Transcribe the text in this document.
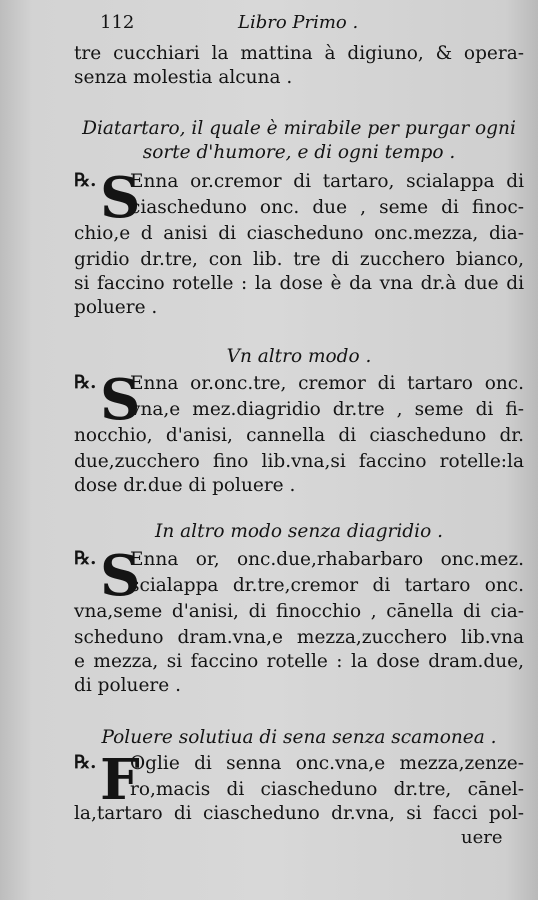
112	Libro Primo .
tre cucchiari la mattina à digiuno, & opera-
senza molestia alcuna .
Diatartaro, il quale è mirabile per purgar ogni
sorte d'humore, e di ogni tempo .
℞. S
Enna or.cremor di tartaro, scialappa di
ciascheduno onc. due , seme di finoc-
chio,e d anisi di ciascheduno onc.mezza, dia-
gridio dr.tre, con lib. tre di zucchero bianco,
si faccino rotelle : la dose è da vna dr.à due di
poluere .
Vn altro modo .
℞. S
Enna or.onc.tre, cremor di tartaro onc.
vna,e mez.diagridio dr.tre , seme di fi-
nocchio, d'anisi, cannella di ciascheduno dr.
due,zucchero fino lib.vna,si faccino rotelle:la
dose dr.due di poluere .
In altro modo senza diagridio .
℞. S
Enna or, onc.due,rhabarbaro onc.mez.
scialappa dr.tre,cremor di tartaro onc.
vna,seme d'anisi, di finocchio , cānella di cia-
scheduno dram.vna,e mezza,zucchero lib.vna
e mezza, si faccino rotelle : la dose dram.due,
di poluere .
Poluere solutiua di sena senza scamonea .
℞. F
Oglie di senna onc.vna,e mezza,zenze-
ro,macis di ciascheduno dr.tre, cānel-
la,tartaro di ciascheduno dr.vna, si facci pol-
uere
